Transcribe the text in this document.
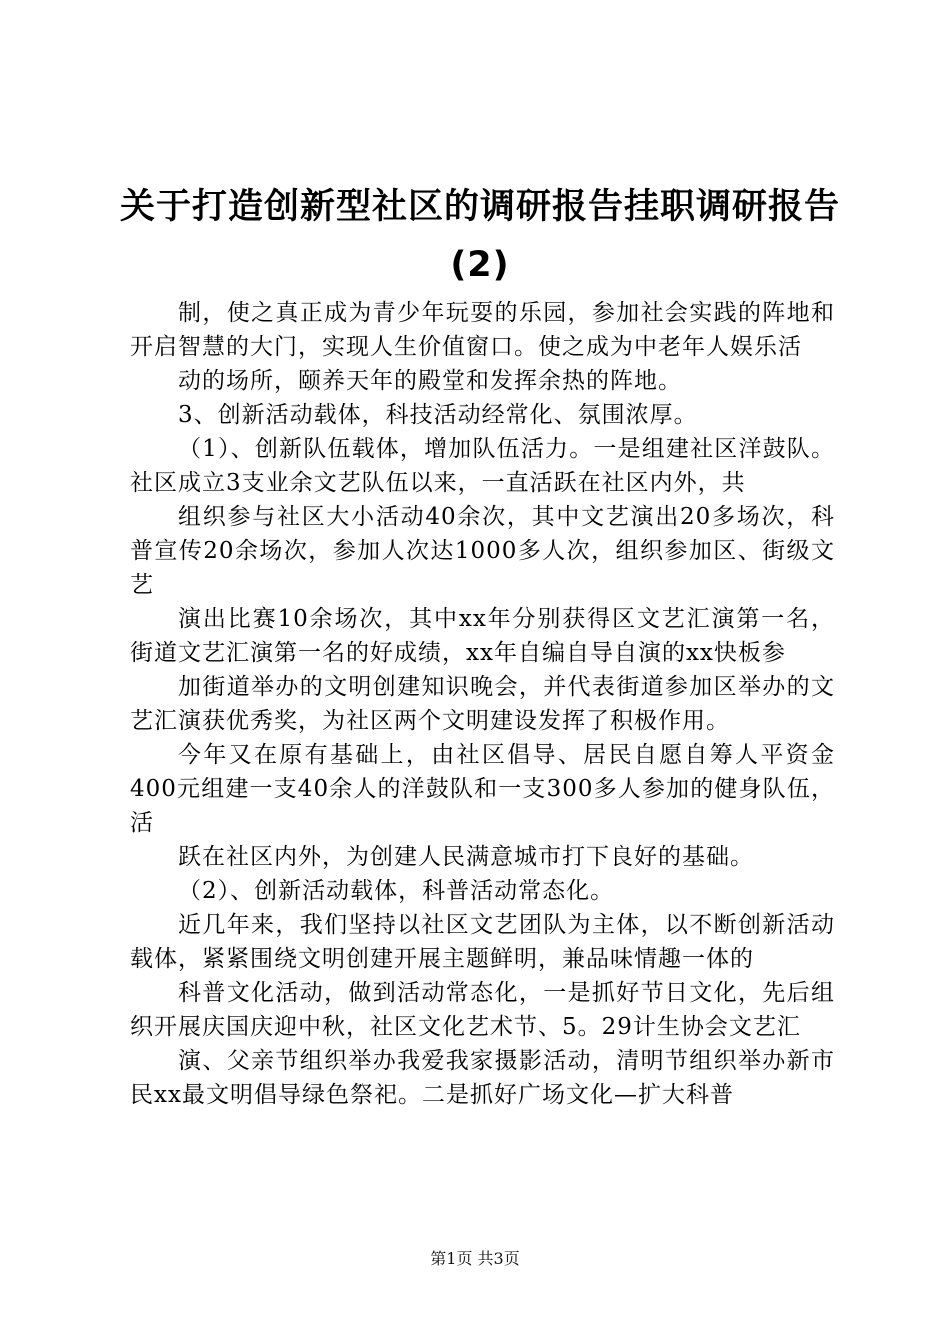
关于打造创新型社区的调研报告挂职调研报告(2)

制，使之真正成为青少年玩耍的乐园，参加社会实践的阵地和开启智慧的大门，实现人生价值窗口。使之成为中老年人娱乐活

动的场所，颐养天年的殿堂和发挥余热的阵地。

3、创新活动载体，科技活动经常化、氛围浓厚。

（1）、创新队伍载体，增加队伍活力。一是组建社区洋鼓队。社区成立3支业余文艺队伍以来，一直活跃在社区内外，共

组织参与社区大小活动40余次，其中文艺演出20多场次，科普宣传20余场次，参加人次达1000多人次，组织参加区、街级文艺

演出比赛10余场次，其中xx年分别获得区文艺汇演第一名，街道文艺汇演第一名的好成绩，xx年自编自导自演的xx快板参

加街道举办的文明创建知识晚会，并代表街道参加区举办的文艺汇演获优秀奖，为社区两个文明建设发挥了积极作用。

今年又在原有基础上，由社区倡导、居民自愿自筹人平资金400元组建一支40余人的洋鼓队和一支300多人参加的健身队伍，活

跃在社区内外，为创建人民满意城市打下良好的基础。

（2）、创新活动载体，科普活动常态化。

近几年来，我们坚持以社区文艺团队为主体，以不断创新活动载体，紧紧围绕文明创建开展主题鲜明，兼品味情趣一体的

科普文化活动，做到活动常态化，一是抓好节日文化，先后组织开展庆国庆迎中秋，社区文化艺术节、5。29计生协会文艺汇

演、父亲节组织举办我爱我家摄影活动，清明节组织举办新市民xx最文明倡导绿色祭祀。二是抓好广场文化—扩大科普

第1页 共3页
